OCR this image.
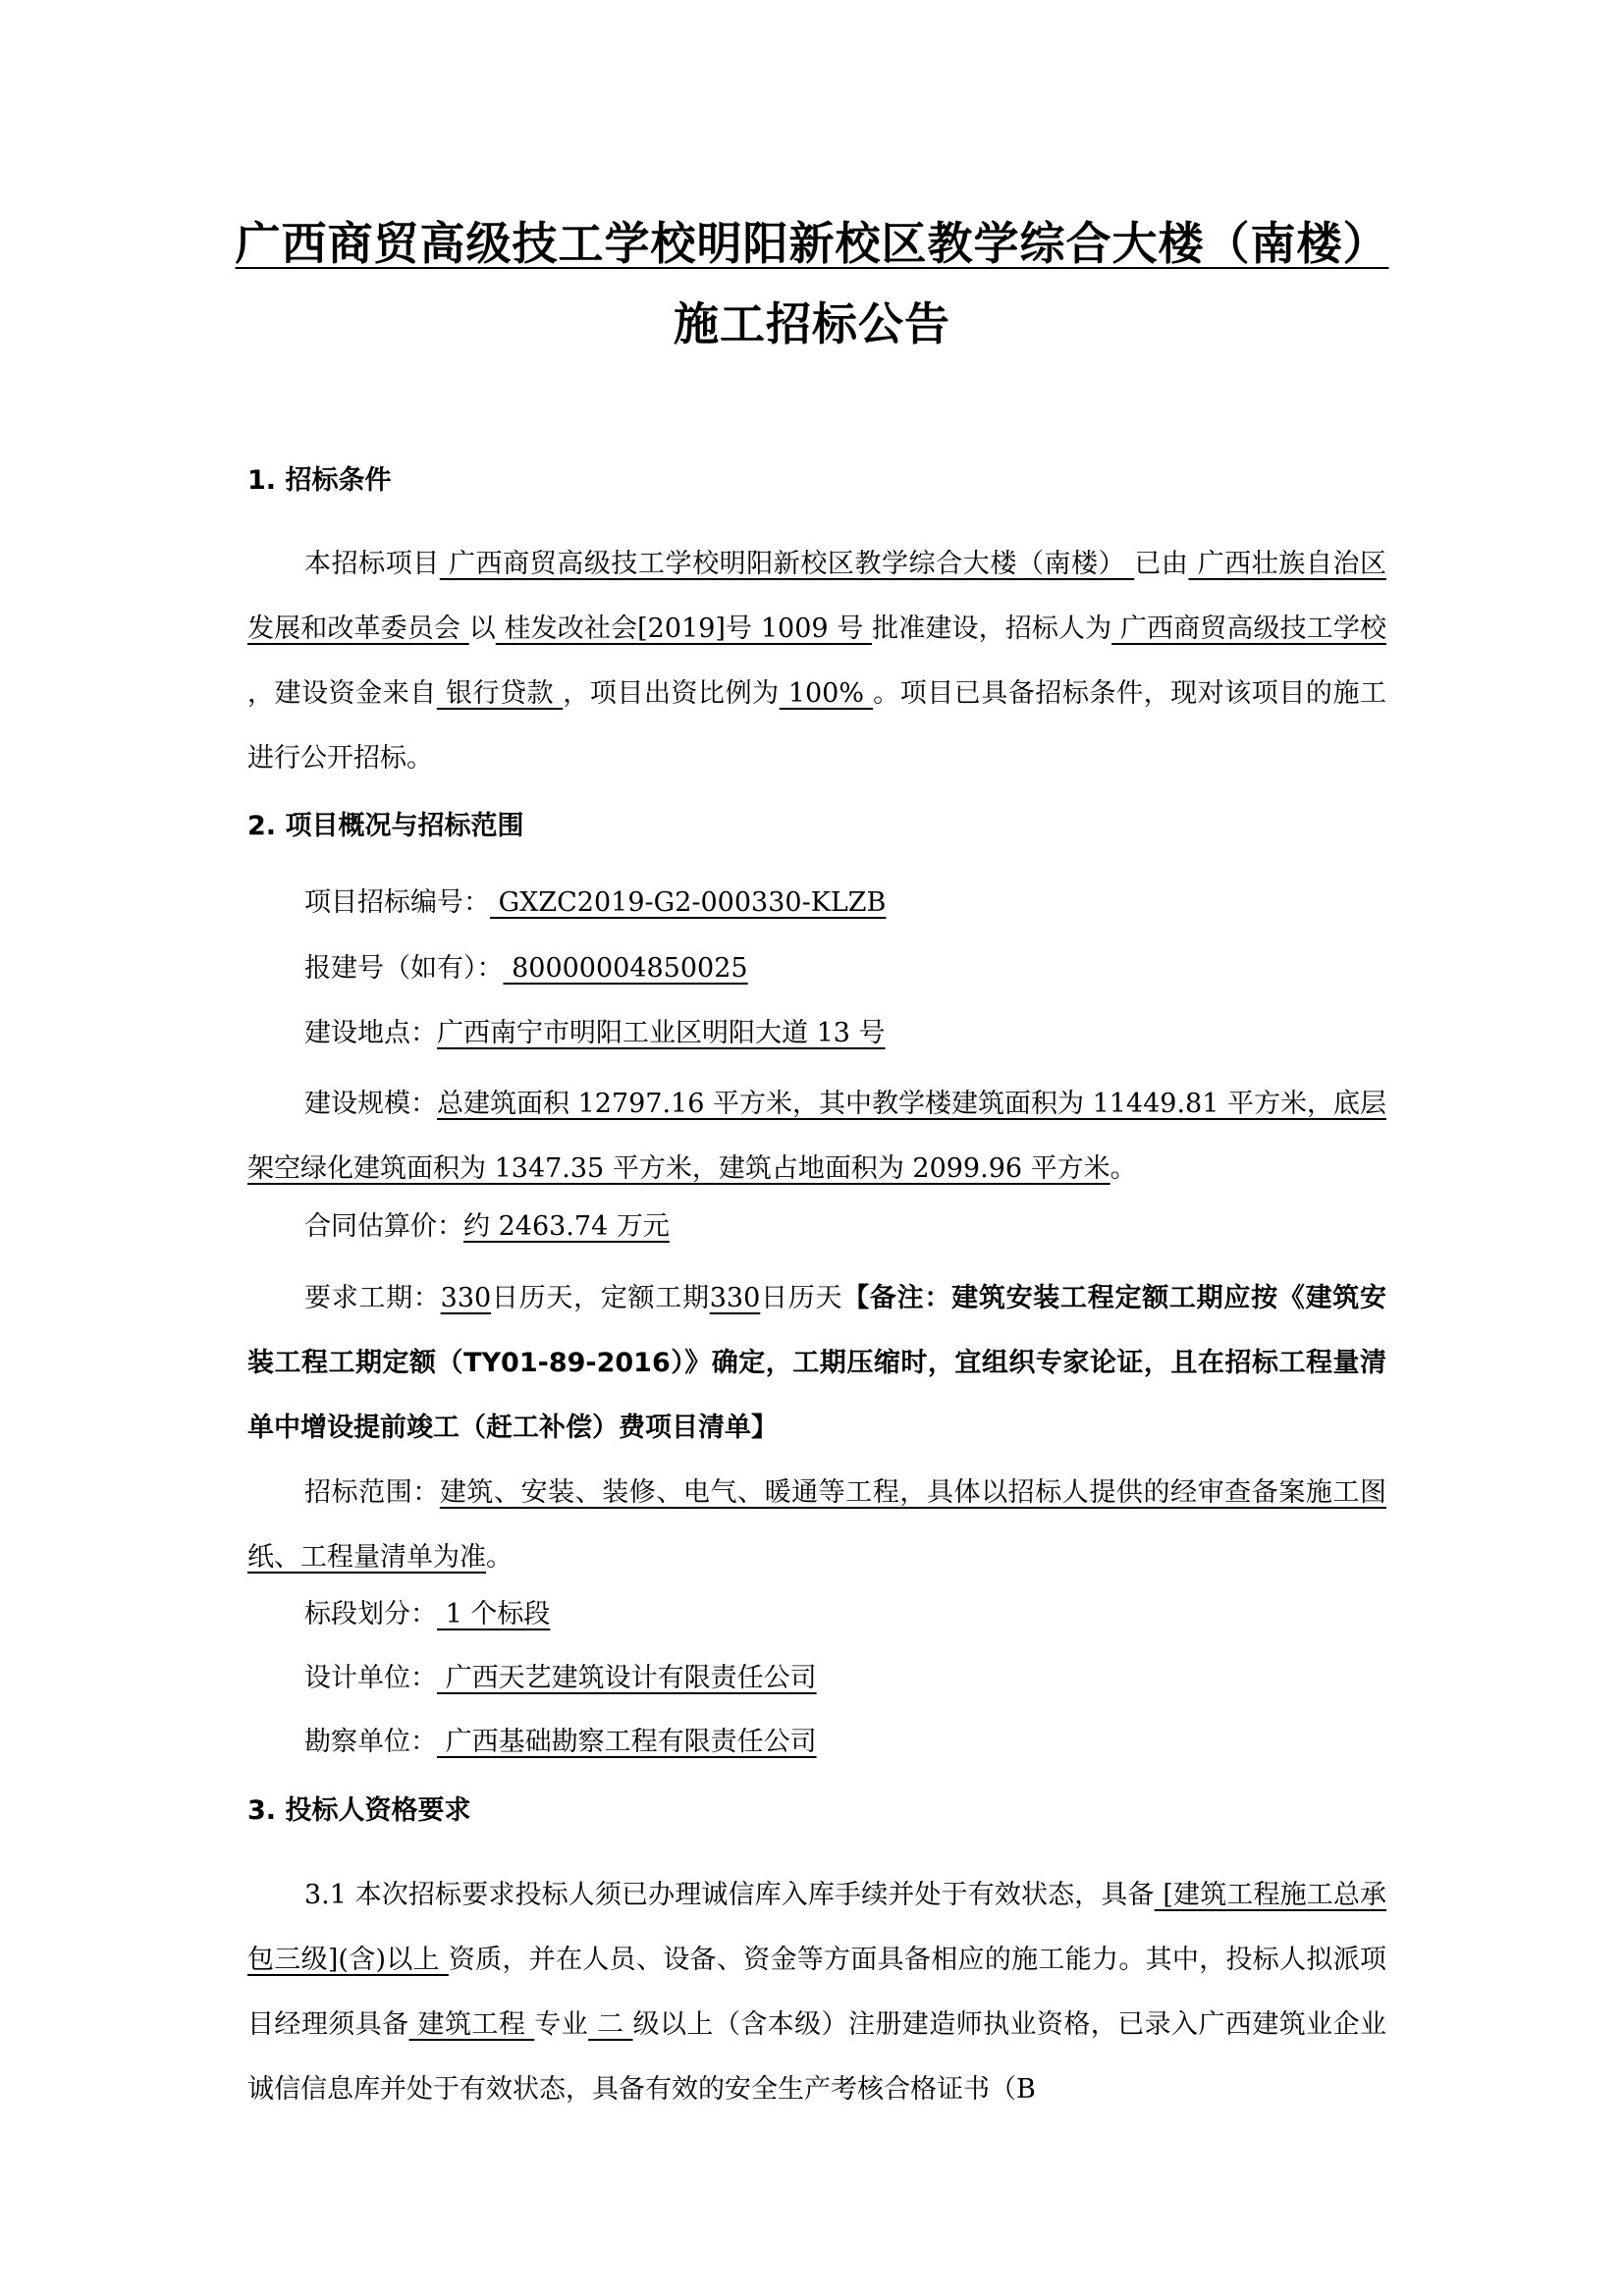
广西商贸高级技工学校明阳新校区教学综合大楼（南楼）
施工招标公告
1. 招标条件

本招标项目 广西商贸高级技工学校明阳新校区教学综合大楼（南楼） 已由 广西壮族自治区发展和改革委员会 以 桂发改社会[2019]号 1009 号 批准建设，招标人为 广西商贸高级技工学校 ，建设资金来自 银行贷款 ，项目出资比例为 100% 。项目已具备招标条件，现对该项目的施工进行公开招标。

2. 项目概况与招标范围
项目招标编号： GXZC2019-G2-000330-KLZB
报建号（如有）： 80000004850025
建设地点：广西南宁市明阳工业区明阳大道 13 号

建设规模：总建筑面积 12797.16 平方米，其中教学楼建筑面积为 11449.81 平方米，底层架空绿化建筑面积为 1347.35 平方米，建筑占地面积为 2099.96 平方米。

合同估算价：约 2463.74 万元

要求工期：330日历天，定额工期330日历天【备注：建筑安装工程定额工期应按《建筑安装工程工期定额（TY01-89-2016）》确定，工期压缩时，宜组织专家论证，且在招标工程量清单中增设提前竣工（赶工补偿）费项目清单】

招标范围：建筑、安装、装修、电气、暖通等工程，具体以招标人提供的经审查备案施工图纸、工程量清单为准。

标段划分： 1 个标段
设计单位： 广西天艺建筑设计有限责任公司
勘察单位： 广西基础勘察工程有限责任公司
3. 投标人资格要求

3.1 本次招标要求投标人须已办理诚信库入库手续并处于有效状态，具备 [建筑工程施工总承包三级](含)以上 资质，并在人员、设备、资金等方面具备相应的施工能力。其中，投标人拟派项目经理须具备 建筑工程 专业 二 级以上（含本级）注册建造师执业资格，已录入广西建筑业企业诚信信息库并处于有效状态，具备有效的安全生产考核合格证书（B
